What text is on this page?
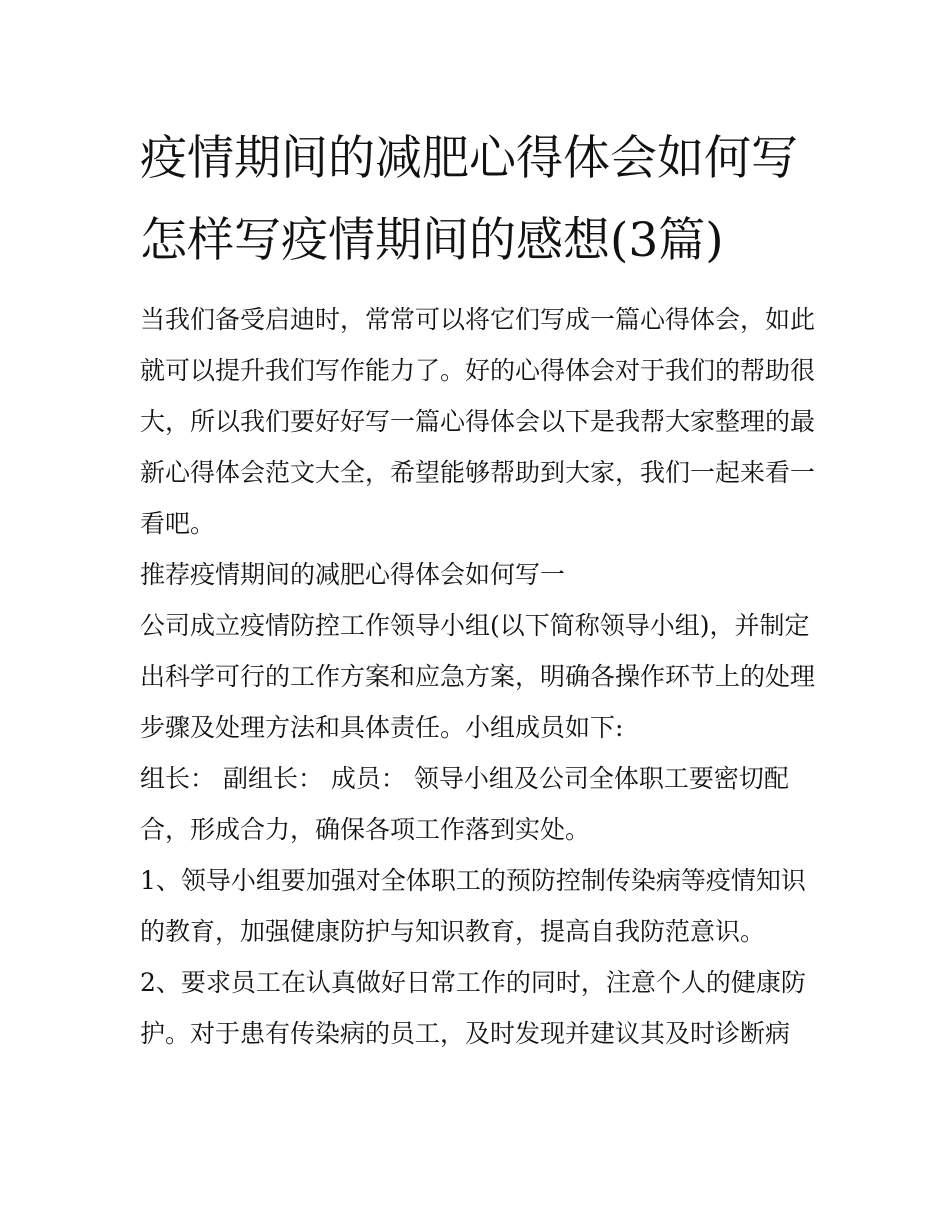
疫情期间的减肥心得体会如何写 怎样写疫情期间的感想(3篇)

当我们备受启迪时，常常可以将它们写成一篇心得体会，如此就可以提升我们写作能力了。好的心得体会对于我们的帮助很大，所以我们要好好写一篇心得体会以下是我帮大家整理的最新心得体会范文大全，希望能够帮助到大家，我们一起来看一看吧。

推荐疫情期间的减肥心得体会如何写一

公司成立疫情防控工作领导小组(以下简称领导小组)，并制定出科学可行的工作方案和应急方案，明确各操作环节上的处理步骤及处理方法和具体责任。小组成员如下:

组长： 副组长： 成员： 领导小组及公司全体职工要密切配合，形成合力，确保各项工作落到实处。

1、领导小组要加强对全体职工的预防控制传染病等疫情知识的教育，加强健康防护与知识教育，提高自我防范意识。

2、要求员工在认真做好日常工作的同时，注意个人的健康防护。对于患有传染病的员工，及时发现并建议其及时诊断病
